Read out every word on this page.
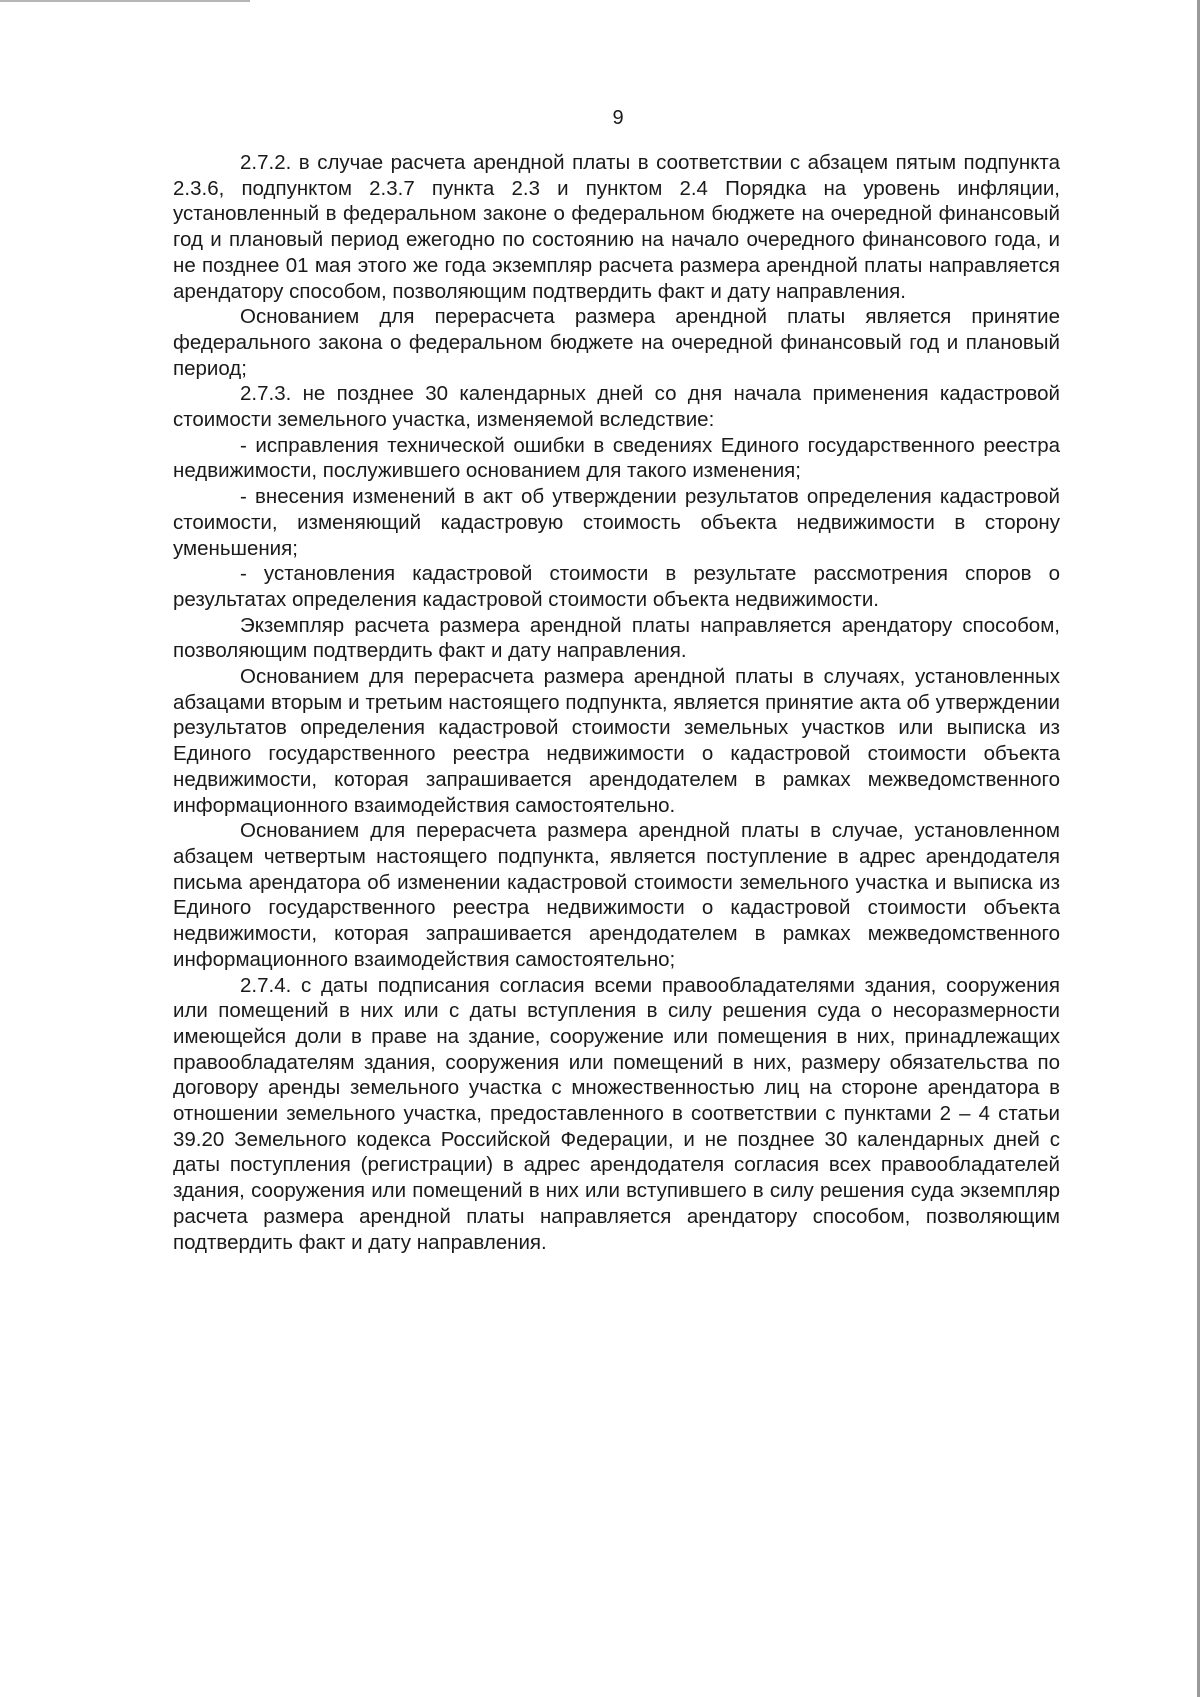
9

2.7.2. в случае расчета арендной платы в соответствии с абзацем пятым подпункта 2.3.6, подпунктом 2.3.7 пункта 2.3 и пунктом 2.4 Порядка на уровень инфляции, установленный в федеральном законе о федеральном бюджете на очередной финансовый год и плановый период ежегодно по состоянию на начало очередного финансового года, и не позднее 01 мая этого же года экземпляр расчета размера арендной платы направляется арендатору способом, позволяющим подтвердить факт и дату направления.

Основанием для перерасчета размера арендной платы является принятие федерального закона о федеральном бюджете на очередной финансовый год и плановый период;

2.7.3. не позднее 30 календарных дней со дня начала применения кадастровой стоимости земельного участка, изменяемой вследствие:

- исправления технической ошибки в сведениях Единого государственного реестра недвижимости, послужившего основанием для такого изменения;

- внесения изменений в акт об утверждении результатов определения кадастровой стоимости, изменяющий кадастровую стоимость объекта недвижимости в сторону уменьшения;

- установления кадастровой стоимости в результате рассмотрения споров о результатах определения кадастровой стоимости объекта недвижимости.

Экземпляр расчета размера арендной платы направляется арендатору способом, позволяющим подтвердить факт и дату направления.

Основанием для перерасчета размера арендной платы в случаях, установленных абзацами вторым и третьим настоящего подпункта, является принятие акта об утверждении результатов определения кадастровой стоимости земельных участков или выписка из Единого государственного реестра недвижимости о кадастровой стоимости объекта недвижимости, которая запрашивается арендодателем в рамках межведомственного информационного взаимодействия самостоятельно.

Основанием для перерасчета размера арендной платы в случае, установленном абзацем четвертым настоящего подпункта, является поступление в адрес арендодателя письма арендатора об изменении кадастровой стоимости земельного участка и выписка из Единого государственного реестра недвижимости о кадастровой стоимости объекта недвижимости, которая запрашивается арендодателем в рамках межведомственного информационного взаимодействия самостоятельно;

2.7.4. с даты подписания согласия всеми правообладателями здания, сооружения или помещений в них или с даты вступления в силу решения суда о несоразмерности имеющейся доли в праве на здание, сооружение или помещения в них, принадлежащих правообладателям здания, сооружения или помещений в них, размеру обязательства по договору аренды земельного участка с множественностью лиц на стороне арендатора в отношении земельного участка, предоставленного в соответствии с пунктами 2 – 4 статьи 39.20 Земельного кодекса Российской Федерации, и не позднее 30 календарных дней с даты поступления (регистрации) в адрес арендодателя согласия всех правообладателей здания, сооружения или помещений в них или вступившего в силу решения суда экземпляр расчета размера арендной платы направляется арендатору способом, позволяющим подтвердить факт и дату направления.
